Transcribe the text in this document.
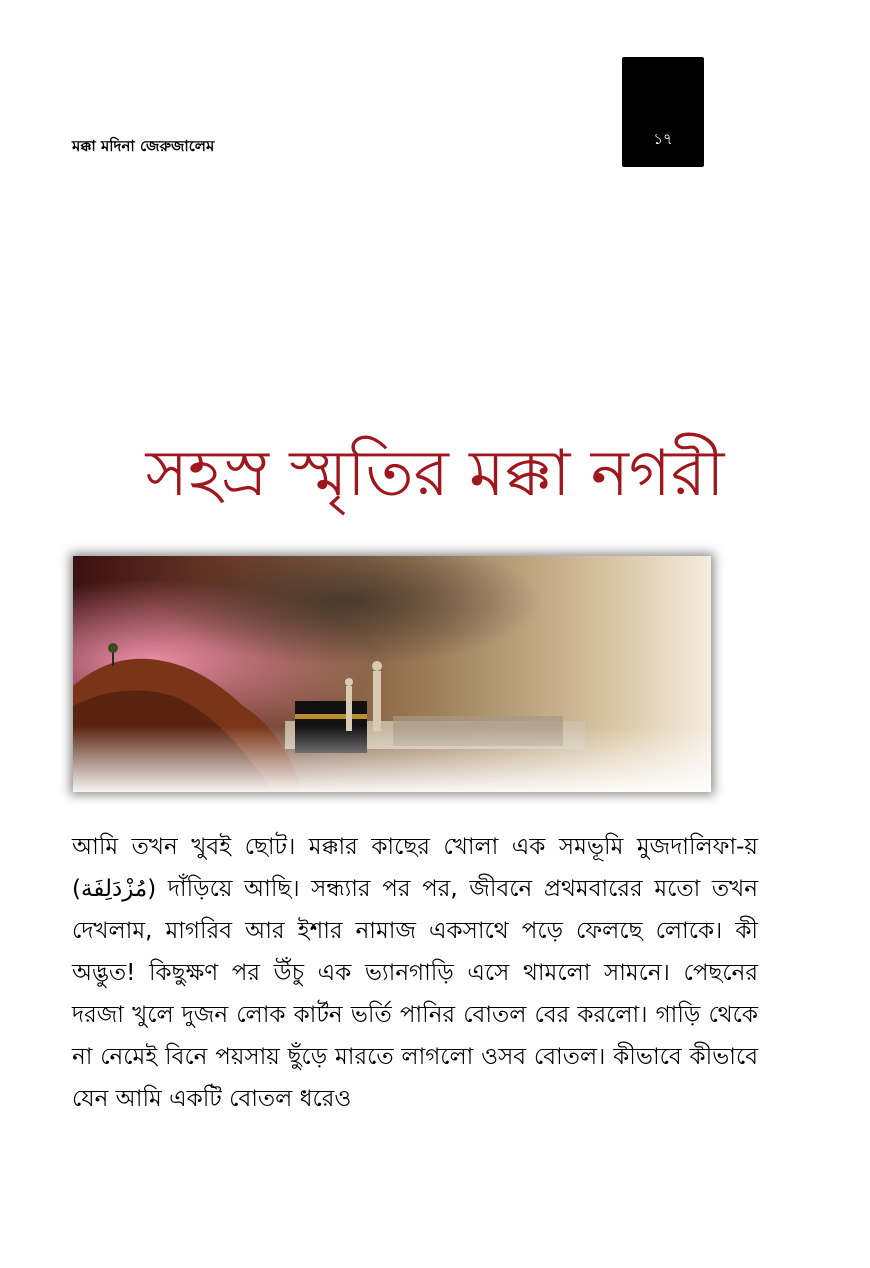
মক্কা মদিনা জেরুজালেম	১৭
সহস্র স্মৃতির মক্কা নগরী

আমি তখন খুবই ছোট। মক্কার কাছের খোলা এক সমভূমি মুজদালিফা-য় (مُزْدَلِفَة) দাঁড়িয়ে আছি। সন্ধ্যার পর পর, জীবনে প্রথমবারের মতো তখন দেখলাম, মাগরিব আর ইশার নামাজ একসাথে পড়ে ফেলছে লোকে। কী অদ্ভুত! কিছুক্ষণ পর উঁচু এক ভ্যানগাড়ি এসে থামলো সামনে। পেছনের দরজা খুলে দুজন লোক কার্টন ভর্তি পানির বোতল বের করলো। গাড়ি থেকে না নেমেই বিনে পয়সায় ছুঁড়ে মারতে লাগলো ওসব বোতল। কীভাবে কীভাবে যেন আমি একটি বোতল ধরেও
